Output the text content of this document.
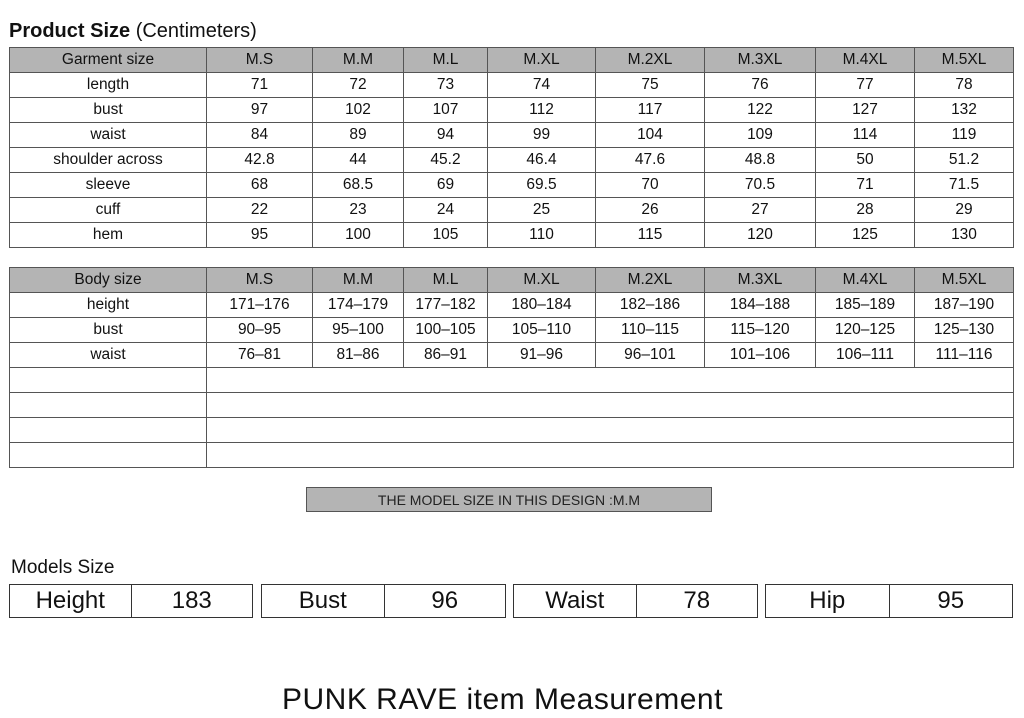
Product Size (Centimeters)
Garment size	M.S	M.M	M.L	M.XL	M.2XL	M.3XL	M.4XL	M.5XL
length	71	72	73	74	75	76	77	78
bust	97	102	107	112	117	122	127	132
waist	84	89	94	99	104	109	114	119
shoulder across	42.8	44	45.2	46.4	47.6	48.8	50	51.2
sleeve	68	68.5	69	69.5	70	70.5	71	71.5
cuff	22	23	24	25	26	27	28	29
hem	95	100	105	110	115	120	125	130
Body size	M.S	M.M	M.L	M.XL	M.2XL	M.3XL	M.4XL	M.5XL
height	171–176	174–179	177–182	180–184	182–186	184–188	185–189	187–190
bust	90–95	95–100	100–105	105–110	110–115	115–120	120–125	125–130
waist	76–81	81–86	86–91	91–96	96–101	101–106	106–111	111–116

THE MODEL SIZE IN THIS DESIGN :M.M
Models Size
Height	183	Bust	96	Waist	78	Hip	95
PUNK RAVE item Measurement
